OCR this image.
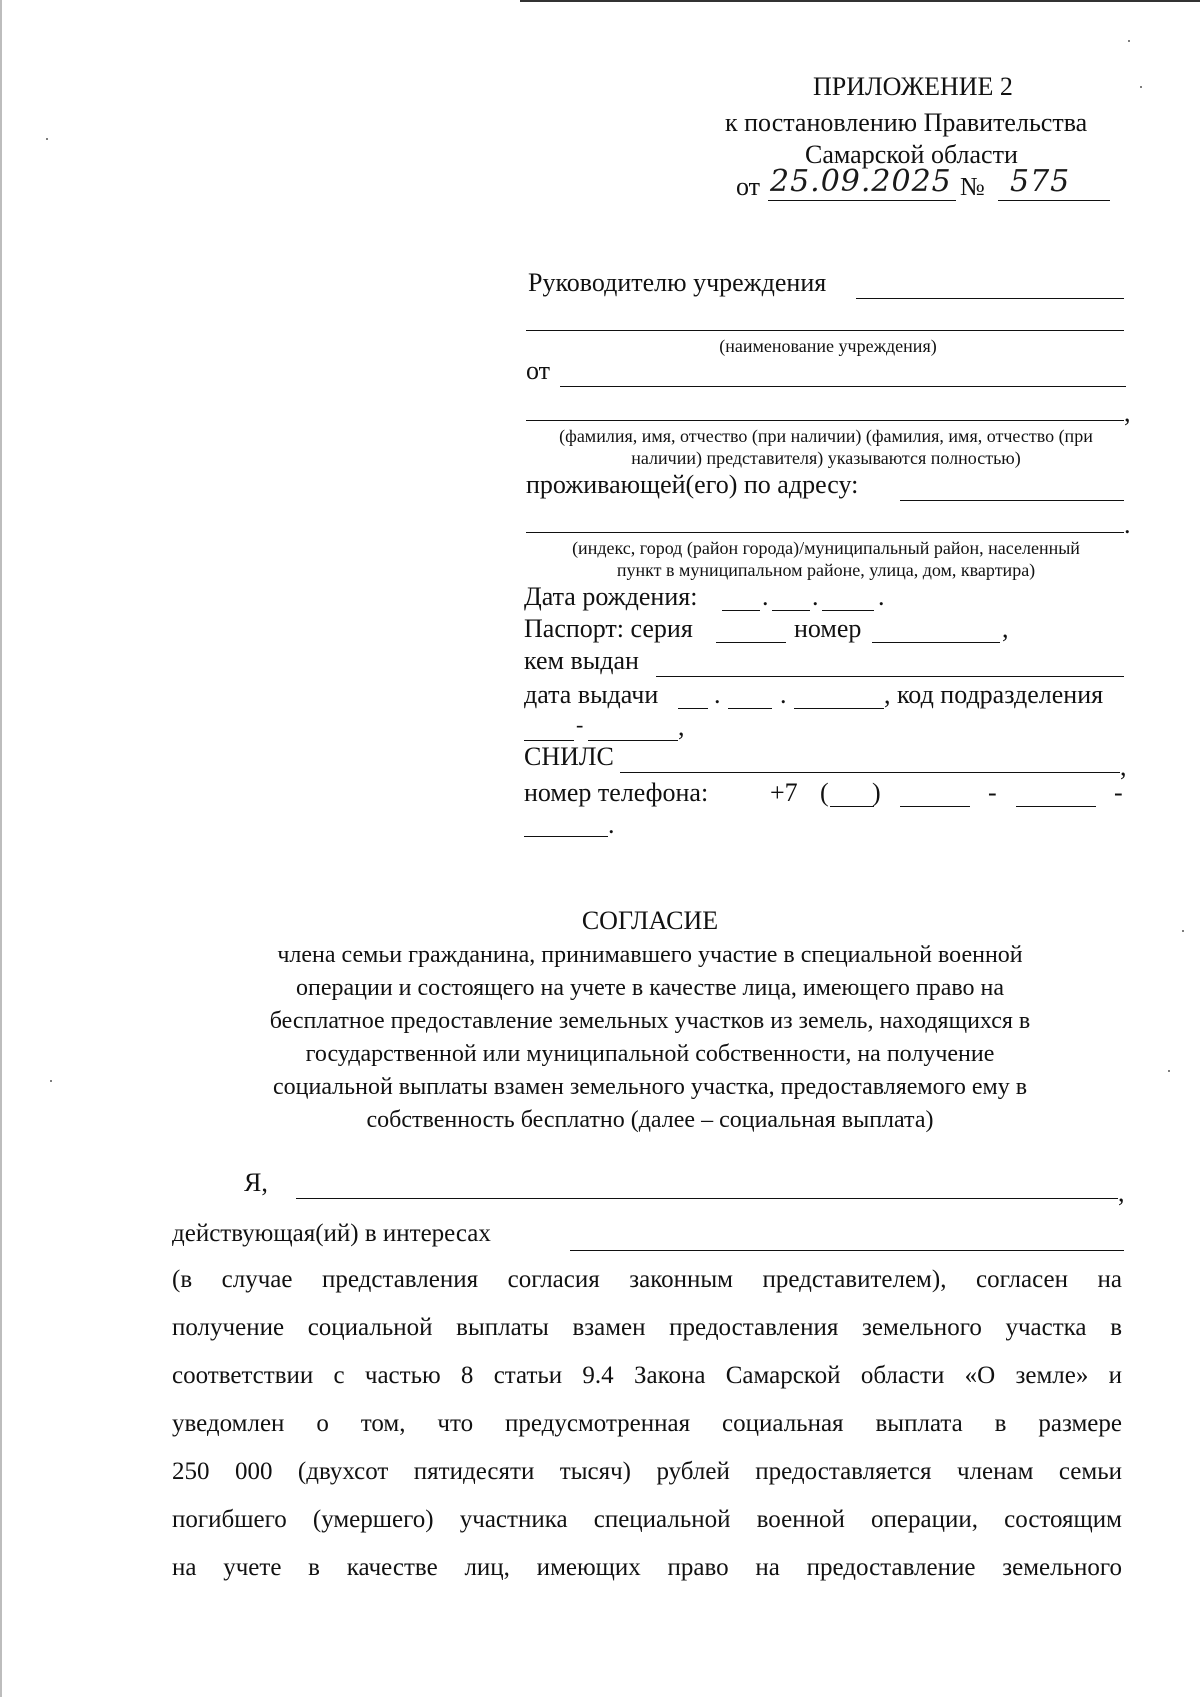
ПРИЛОЖЕНИЕ 2
к постановлению Правительства
Самарской области
от 25.09.2025 № 575
Руководителю учреждения
(наименование учреждения)
от
,
(фамилия, имя, отчество (при наличии) (фамилия, имя, отчество (при
наличии) представителя) указываются полностью)
проживающей(его) по адресу:
.
(индекс, город (район города)/муниципальный район, населенный
пункт в муниципальном районе, улица, дом, квартира)
Дата рождения: . . .
Паспорт: серия	номер	,
кем выдан
дата выдачи . .	, код подразделения
-	,
СНИЛС	,
номер телефона: +7 ( )	-	-
.
СОГЛАСИЕ
члена семьи гражданина, принимавшего участие в специальной военной
операции и состоящего на учете в качестве лица, имеющего право на
бесплатное предоставление земельных участков из земель, находящихся в
государственной или муниципальной собственности, на получение
социальной выплаты взамен земельного участка, предоставляемого ему в
собственность бесплатно (далее – социальная выплата)
Я,	,
действующая(ий) в интересах
(в случае представления согласия законным представителем), согласен на
получение социальной выплаты взамен предоставления земельного участка в
соответствии с частью 8 статьи 9.4 Закона Самарской области «О земле» и
уведомлен о том, что предусмотренная социальная выплата в размере
250 000 (двухсот пятидесяти тысяч) рублей предоставляется членам семьи
погибшего (умершего) участника специальной военной операции, состоящим
на учете в качестве лиц, имеющих право на предоставление земельного
